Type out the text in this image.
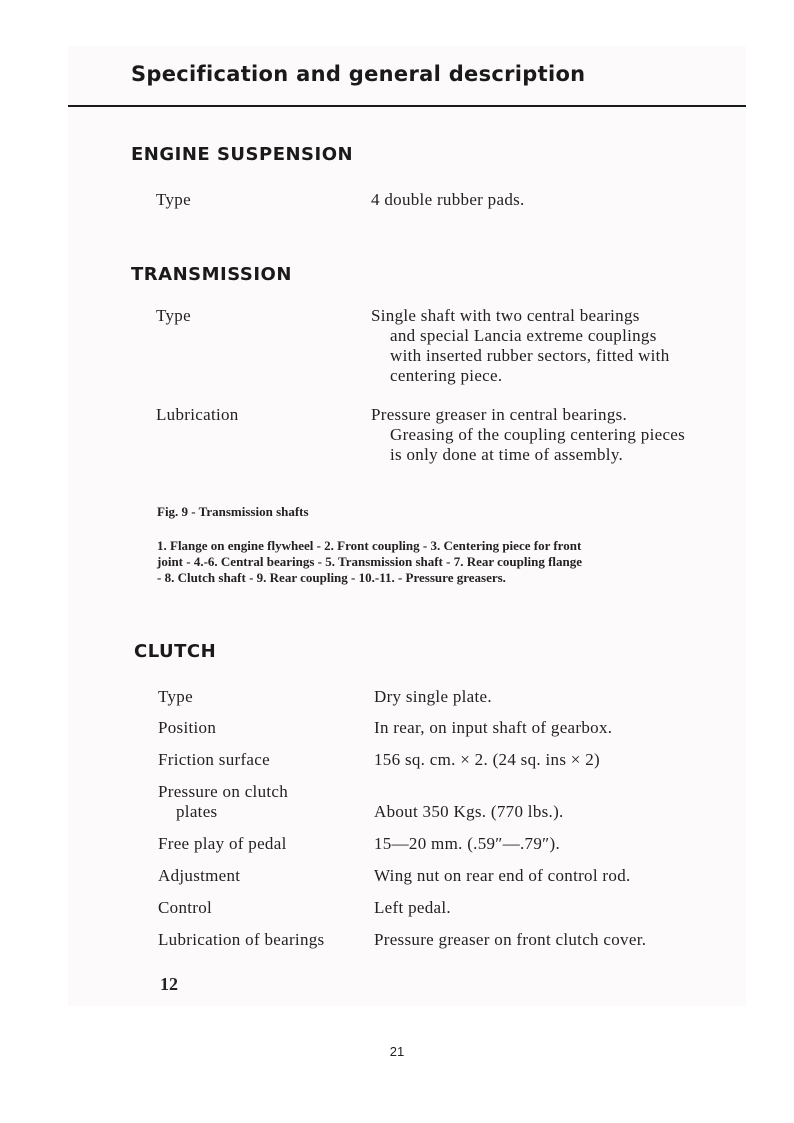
Specification and general description
ENGINE SUSPENSION
Type	4 double rubber pads.
TRANSMISSION
Type	Single shaft with two central bearings
and special Lancia extreme couplings
with inserted rubber sectors, fitted with
centering piece.
Lubrication	Pressure greaser in central bearings.
Greasing of the coupling centering pieces
is only done at time of assembly.
Fig. 9 - Transmission shafts
1. Flange on engine flywheel - 2. Front coupling - 3. Centering piece for front
joint - 4.-6. Central bearings - 5. Transmission shaft - 7. Rear coupling flange
- 8. Clutch shaft - 9. Rear coupling - 10.-11. - Pressure greasers.
CLUTCH
Type	Dry single plate.
Position	In rear, on input shaft of gearbox.
Friction surface	156 sq. cm. × 2. (24 sq. ins × 2)
Pressure on clutch
plates	About 350 Kgs. (770 lbs.).
Free play of pedal	15—20 mm. (.59″—.79″).
Adjustment	Wing nut on rear end of control rod.
Control	Left pedal.
Lubrication of bearings	Pressure greaser on front clutch cover.
12
21
